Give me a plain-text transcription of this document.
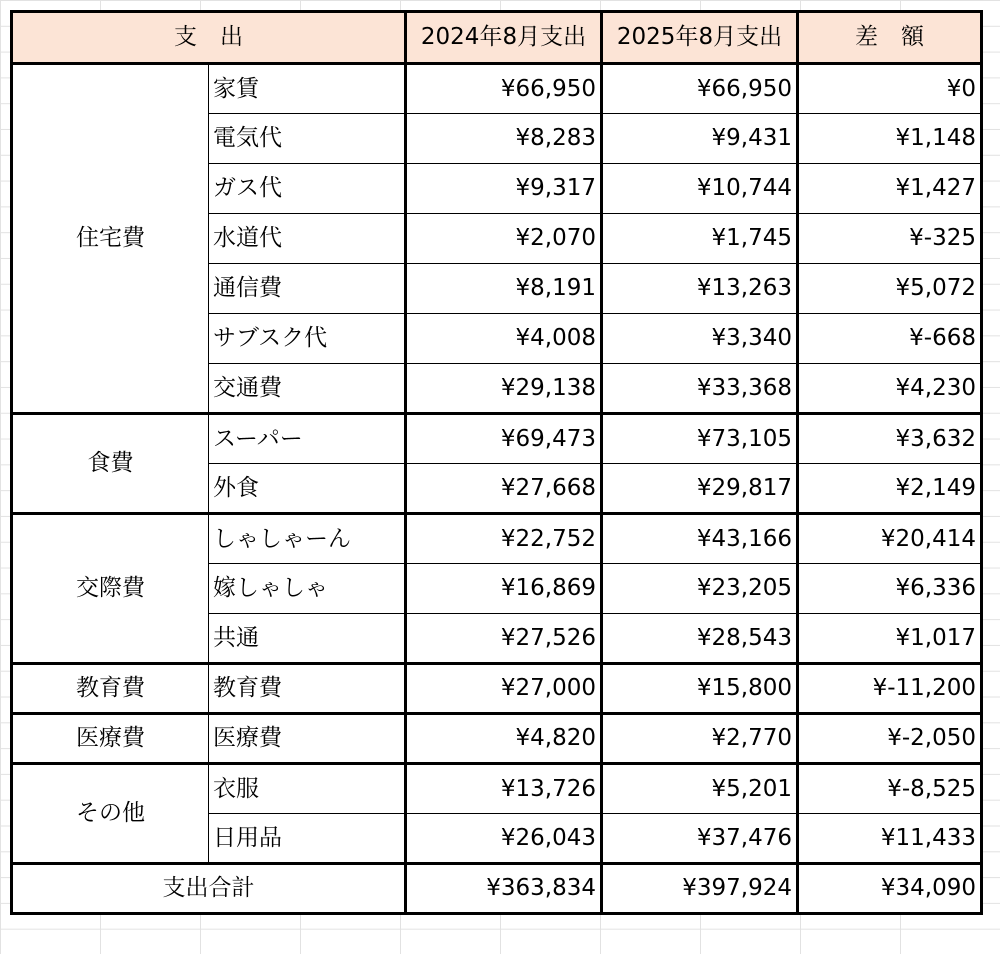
支　出		2024年8月支出	2025年8月支出	差　額
住宅費	家賃	¥66,950	¥66,950	¥0
	電気代	¥8,283	¥9,431	¥1,148
	ガス代	¥9,317	¥10,744	¥1,427
	水道代	¥2,070	¥1,745	¥-325
	通信費	¥8,191	¥13,263	¥5,072
	サブスク代	¥4,008	¥3,340	¥-668
	交通費	¥29,138	¥33,368	¥4,230
食費	スーパー	¥69,473	¥73,105	¥3,632
	外食	¥27,668	¥29,817	¥2,149
交際費	しゃしゃーん	¥22,752	¥43,166	¥20,414
	嫁しゃしゃ	¥16,869	¥23,205	¥6,336
	共通	¥27,526	¥28,543	¥1,017
教育費	教育費	¥27,000	¥15,800	¥-11,200
医療費	医療費	¥4,820	¥2,770	¥-2,050
その他	衣服	¥13,726	¥5,201	¥-8,525
	日用品	¥26,043	¥37,476	¥11,433
支出合計		¥363,834	¥397,924	¥34,090
